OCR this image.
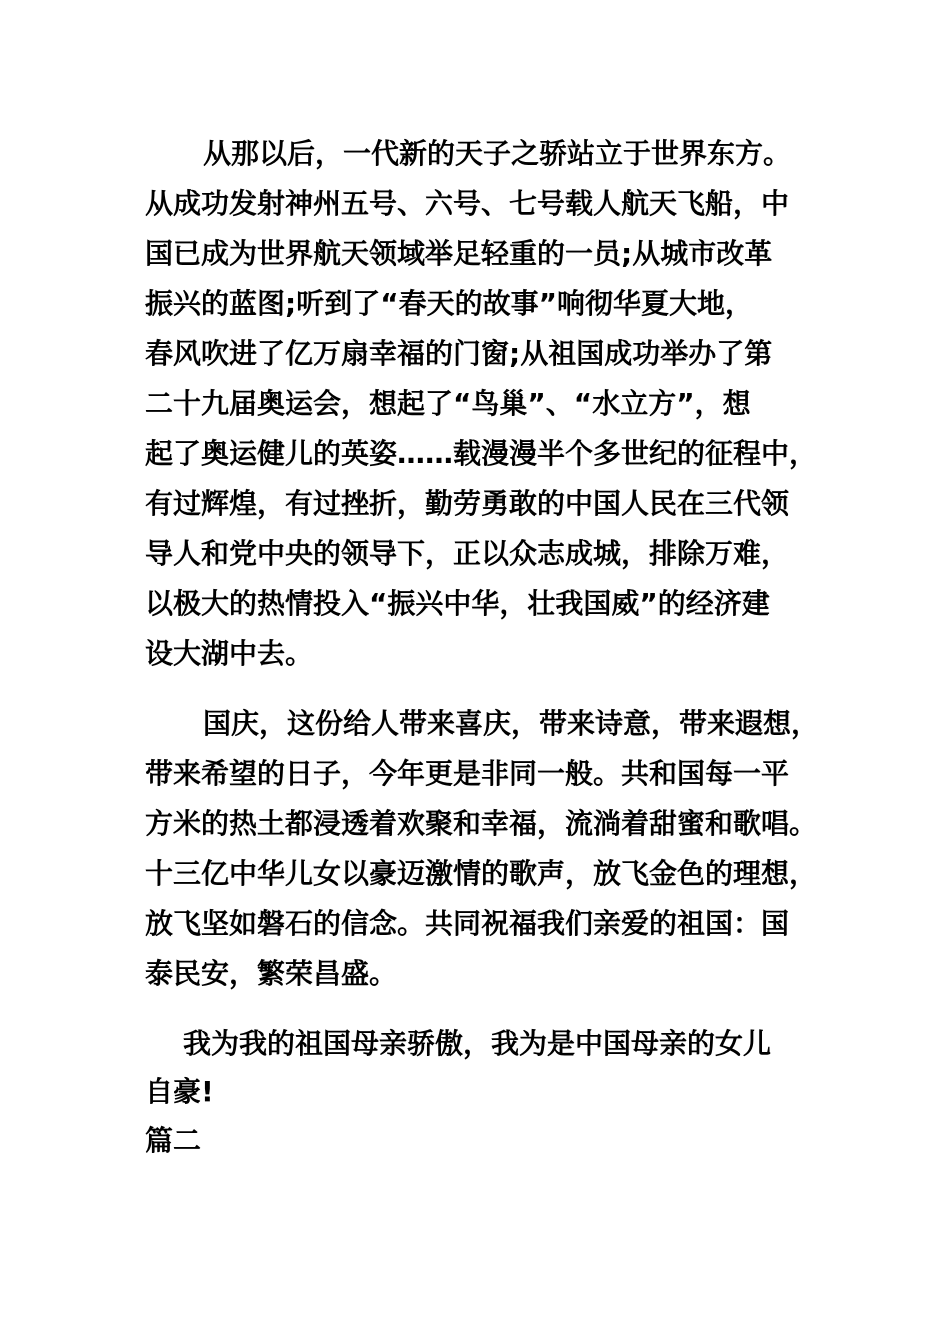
从那以后，一代新的天子之骄站立于世界东方。
从成功发射神州五号、六号、七号载人航天飞船，中
国已成为世界航天领域举足轻重的一员;从城市改革
振兴的蓝图;听到了“春天的故事”响彻华夏大地，
春风吹进了亿万扇幸福的门窗;从祖国成功举办了第
二十九届奥运会，想起了“鸟巢”、“水立方”，想
起了奥运健儿的英姿……载漫漫半个多世纪的征程中，
有过辉煌，有过挫折，勤劳勇敢的中国人民在三代领
导人和党中央的领导下，正以众志成城，排除万难，
以极大的热情投入“振兴中华，壮我国威”的经济建
设大湖中去。
国庆，这份给人带来喜庆，带来诗意，带来遐想，
带来希望的日子，今年更是非同一般。共和国每一平
方米的热土都浸透着欢聚和幸福，流淌着甜蜜和歌唱。
十三亿中华儿女以豪迈激情的歌声，放飞金色的理想，
放飞坚如磐石的信念。共同祝福我们亲爱的祖国：国
泰民安，繁荣昌盛。
我为我的祖国母亲骄傲，我为是中国母亲的女儿
自豪!
篇二
